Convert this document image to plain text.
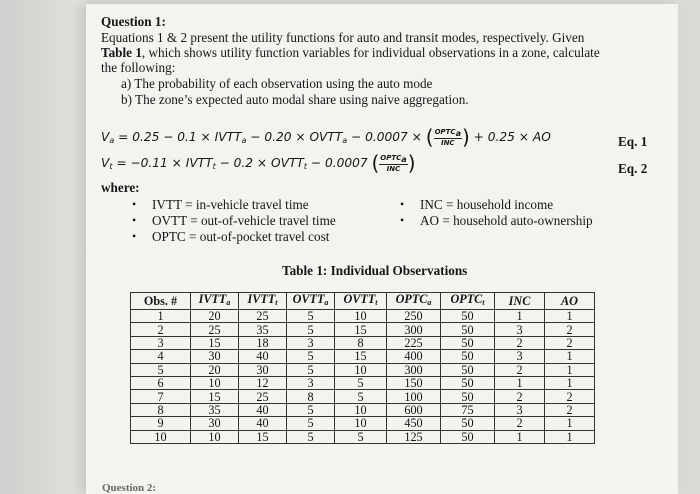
Question 1:
Equations 1 & 2 present the utility functions for auto and transit modes, respectively. Given
Table 1, which shows utility function variables for individual observations in a zone, calculate
the following:
a) The probability of each observation using the auto mode
b) The zone’s expected auto modal share using naive aggregation.
$V_a = 0.25 - 0.1$ × $IVTT_a - 0.20$ × $OVTT_a - 0.0007$ × ( $\frac{OPTC_a}{\text{INC}}$ ) + 0.25 × AO	Eq. 1
$V_t = -0.11$ × $IVTT_t - 0.2$ × $OVTT_t - 0.0007$ ( $\frac{OPTC_a}{\text{INC}}$ )	Eq. 2
where:
• IVTT = in-vehicle travel time
• OVTT = out-of-vehicle travel time
• OPTC = out-of-pocket travel cost
• INC = household income
• AO = household auto-ownership
Table 1: Individual Observations
Obs. #	$IVTT_a$	$IVTT_t$	$OVTT_a$	$OVTT_t$	$OPTC_a$	$OPTC_t$	INC	AO
1	20	25	5	10	250	50	1	1
2	25	35	5	15	300	50	3	2
3	15	18	3	8	225	50	2	2
4	30	40	5	15	400	50	3	1
5	20	30	5	10	300	50	2	1
6	10	12	3	5	150	50	1	1
7	15	25	8	5	100	50	2	2
8	35	40	5	10	600	75	3	2
9	30	40	5	10	450	50	2	1
10	10	15	5	5	125	50	1	1
Question 2:
